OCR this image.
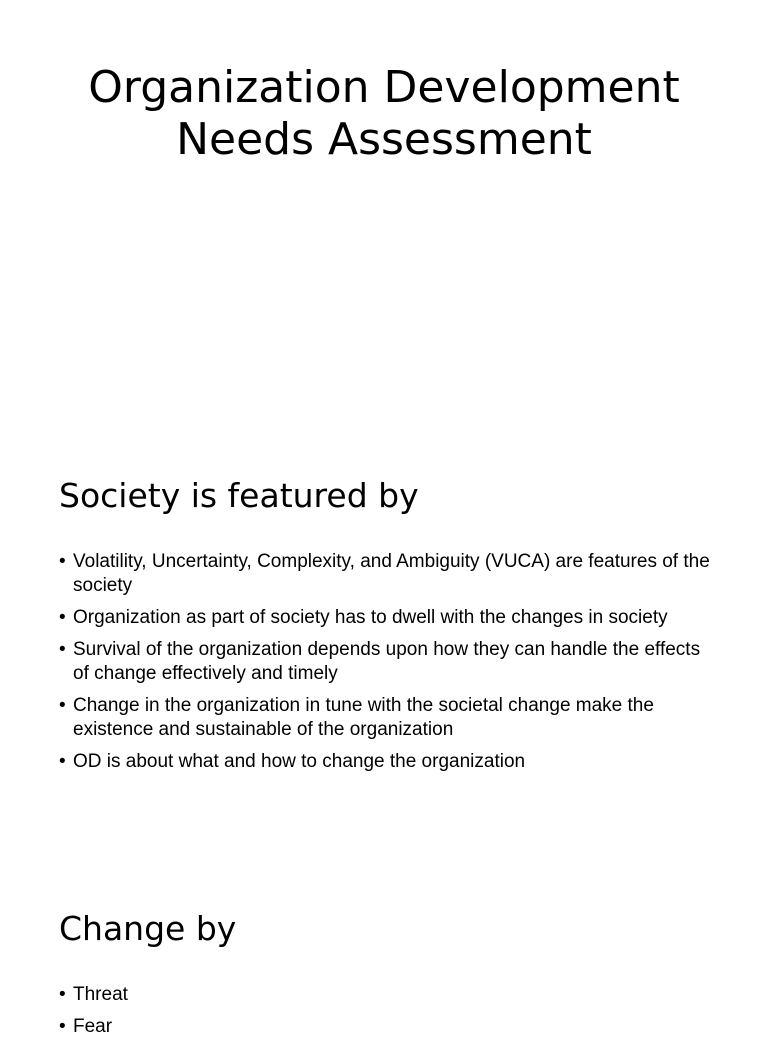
Organization Development Needs Assessment
Society is featured by
• Volatility, Uncertainty, Complexity, and Ambiguity (VUCA) are features of the society
• Organization as part of society has to dwell with the changes in society
• Survival of the organization depends upon how they can handle the effects of change effectively and timely
• Change in the organization in tune with the societal change make the existence and sustainable of the organization
• OD is about what and how to change the organization
Change by
• Threat
• Fear
